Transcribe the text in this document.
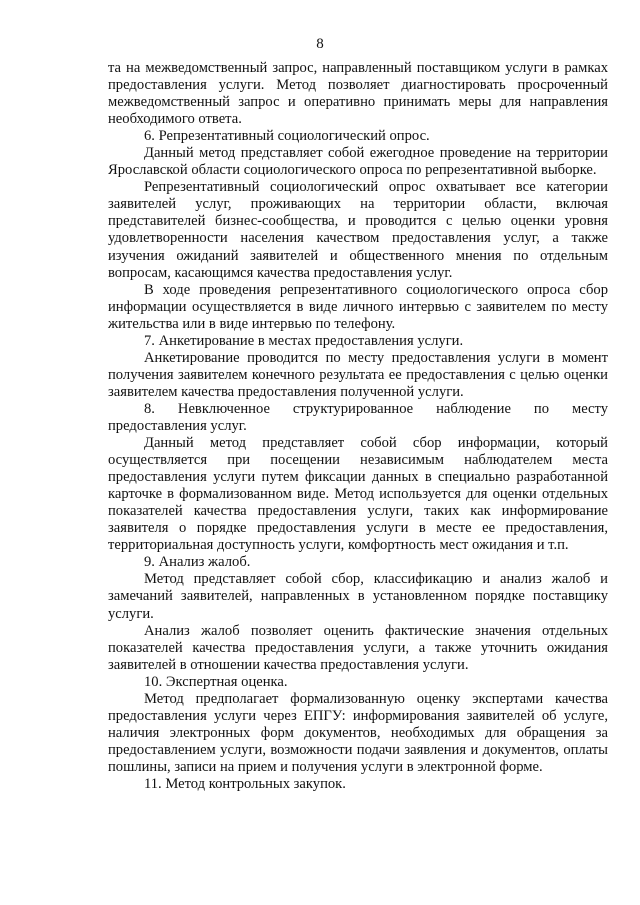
8

та на межведомственный запрос, направленный поставщиком услуги в рамках предоставления услуги. Метод позволяет диагностировать просроченный межведомственный запрос и оперативно принимать меры для направления необходимого ответа.

6. Репрезентативный социологический опрос.

Данный метод представляет собой ежегодное проведение на территории Ярославской области социологического опроса по репрезентативной выборке.

Репрезентативный социологический опрос охватывает все категории заявителей услуг, проживающих на территории области, включая представителей бизнес-сообщества, и проводится с целью оценки уровня удовлетворенности населения качеством предоставления услуг, а также изучения ожиданий заявителей и общественного мнения по отдельным вопросам, касающимся качества предоставления услуг.

В ходе проведения репрезентативного социологического опроса сбор информации осуществляется в виде личного интервью с заявителем по месту жительства или в виде интервью по телефону.

7. Анкетирование в местах предоставления услуги.

Анкетирование проводится по месту предоставления услуги в момент получения заявителем конечного результата ее предоставления с целью оценки заявителем качества предоставления полученной услуги.

8. Невключенное структурированное наблюдение по месту предоставления услуг.

Данный метод представляет собой сбор информации, который осуществляется при посещении независимым наблюдателем места предоставления услуги путем фиксации данных в специально разработанной карточке в формализованном виде. Метод используется для оценки отдельных показателей качества предоставления услуги, таких как информирование заявителя о порядке предоставления услуги в месте ее предоставления, территориальная доступность услуги, комфортность мест ожидания и т.п.

9. Анализ жалоб.

Метод представляет собой сбор, классификацию и анализ жалоб и замечаний заявителей, направленных в установленном порядке поставщику услуги.

Анализ жалоб позволяет оценить фактические значения отдельных показателей качества предоставления услуги, а также уточнить ожидания заявителей в отношении качества предоставления услуги.

10. Экспертная оценка.

Метод предполагает формализованную оценку экспертами качества предоставления услуги через ЕПГУ: информирования заявителей об услуге, наличия электронных форм документов, необходимых для обращения за предоставлением услуги, возможности подачи заявления и документов, оплаты пошлины, записи на прием и получения услуги в электронной форме.

11. Метод контрольных закупок.
